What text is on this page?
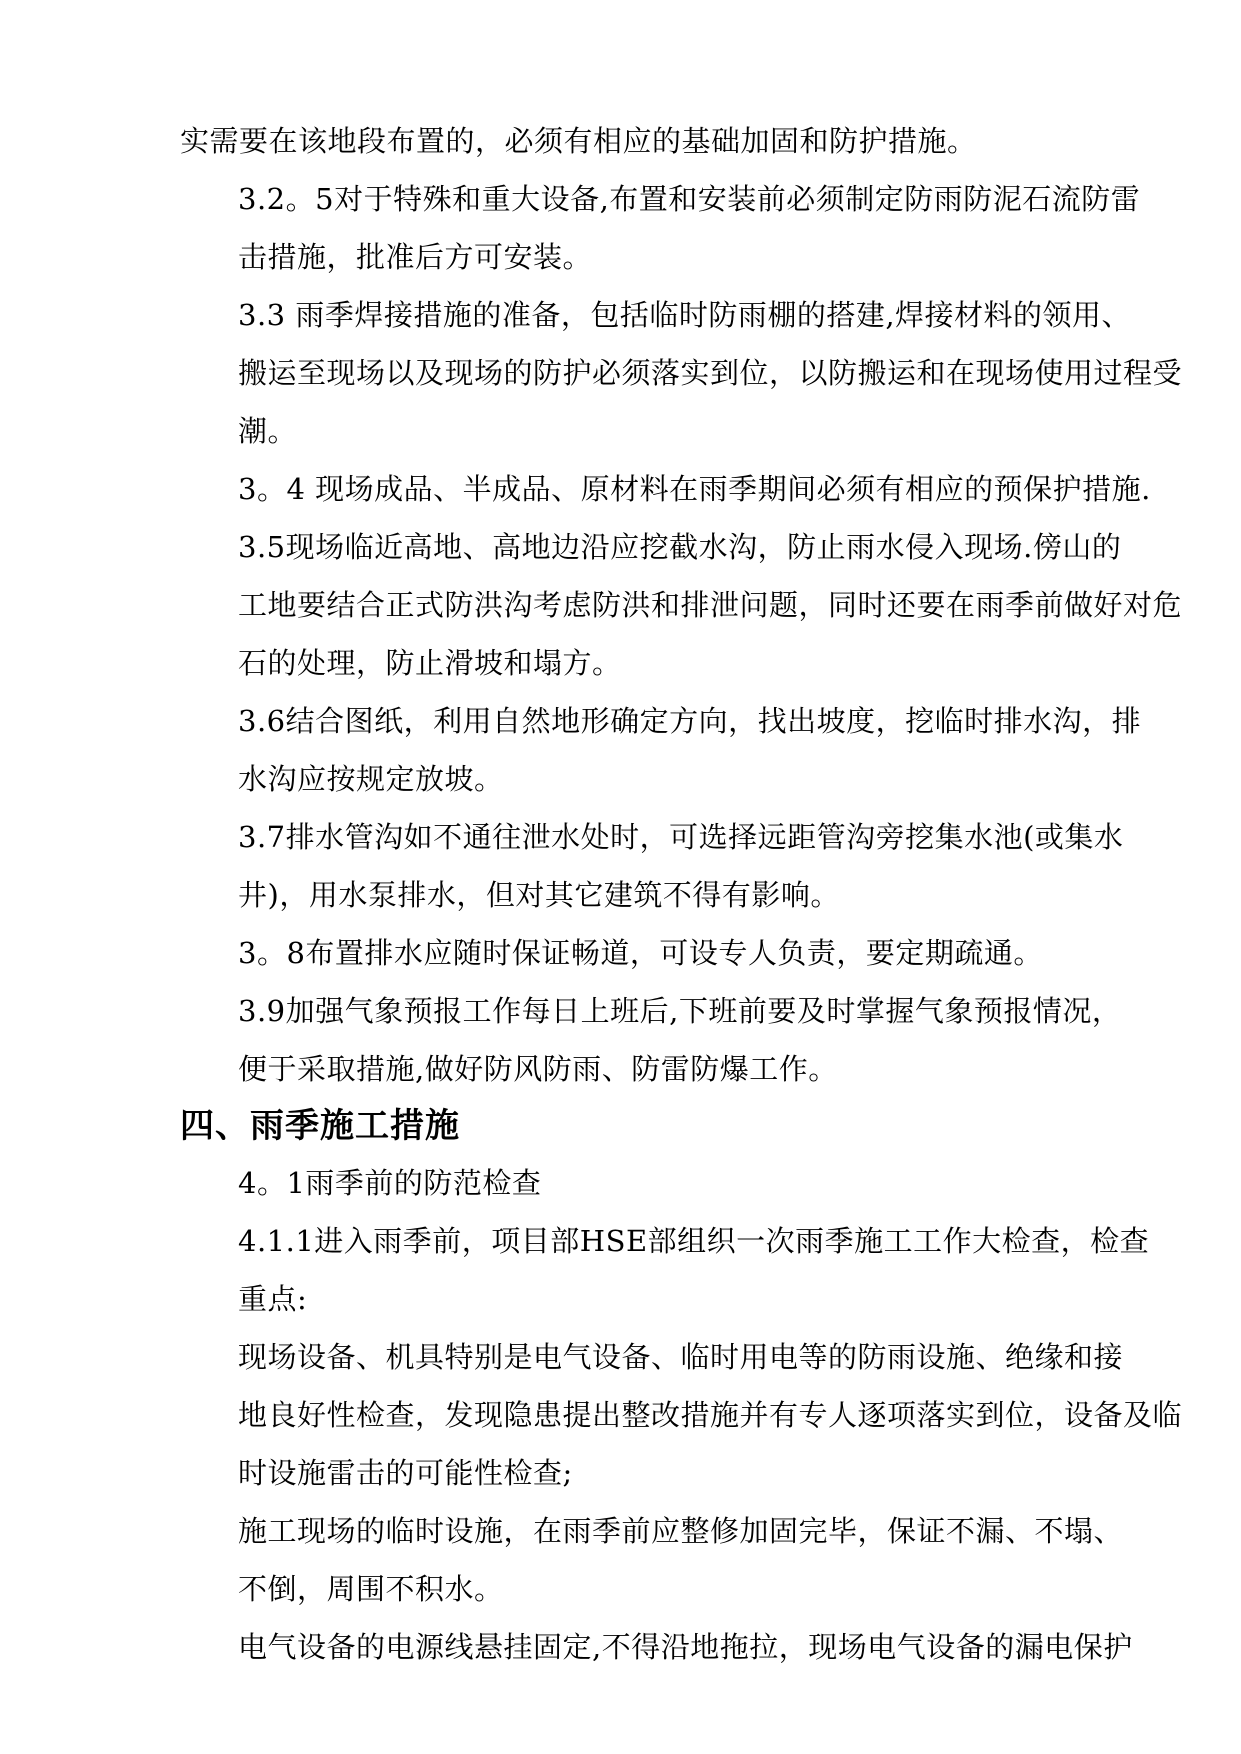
实需要在该地段布置的，必须有相应的基础加固和防护措施。

3.2。5对于特殊和重大设备,布置和安装前必须制定防雨防泥石流防雷
击措施，批准后方可安装。

3.3 雨季焊接措施的准备，包括临时防雨棚的搭建,焊接材料的领用、
搬运至现场以及现场的防护必须落实到位，以防搬运和在现场使用过程受
潮。

3。4 现场成品、半成品、原材料在雨季期间必须有相应的预保护措施.

3.5现场临近高地、高地边沿应挖截水沟，防止雨水侵入现场.傍山的
工地要结合正式防洪沟考虑防洪和排泄问题，同时还要在雨季前做好对危
石的处理，防止滑坡和塌方。

3.6结合图纸，利用自然地形确定方向，找出坡度，挖临时排水沟，排
水沟应按规定放坡。

3.7排水管沟如不通往泄水处时，可选择远距管沟旁挖集水池(或集水
井)，用水泵排水，但对其它建筑不得有影响。

3。8布置排水应随时保证畅道，可设专人负责，要定期疏通。

3.9加强气象预报工作每日上班后,下班前要及时掌握气象预报情况，
便于采取措施,做好防风防雨、防雷防爆工作。

四、雨季施工措施

4。1雨季前的防范检查

4.1.1进入雨季前，项目部HSE部组织一次雨季施工工作大检查，检查
重点:

现场设备、机具特别是电气设备、临时用电等的防雨设施、绝缘和接
地良好性检查，发现隐患提出整改措施并有专人逐项落实到位，设备及临
时设施雷击的可能性检查;

施工现场的临时设施，在雨季前应整修加固完毕，保证不漏、不塌、
不倒，周围不积水。

电气设备的电源线悬挂固定,不得沿地拖拉，现场电气设备的漏电保护
